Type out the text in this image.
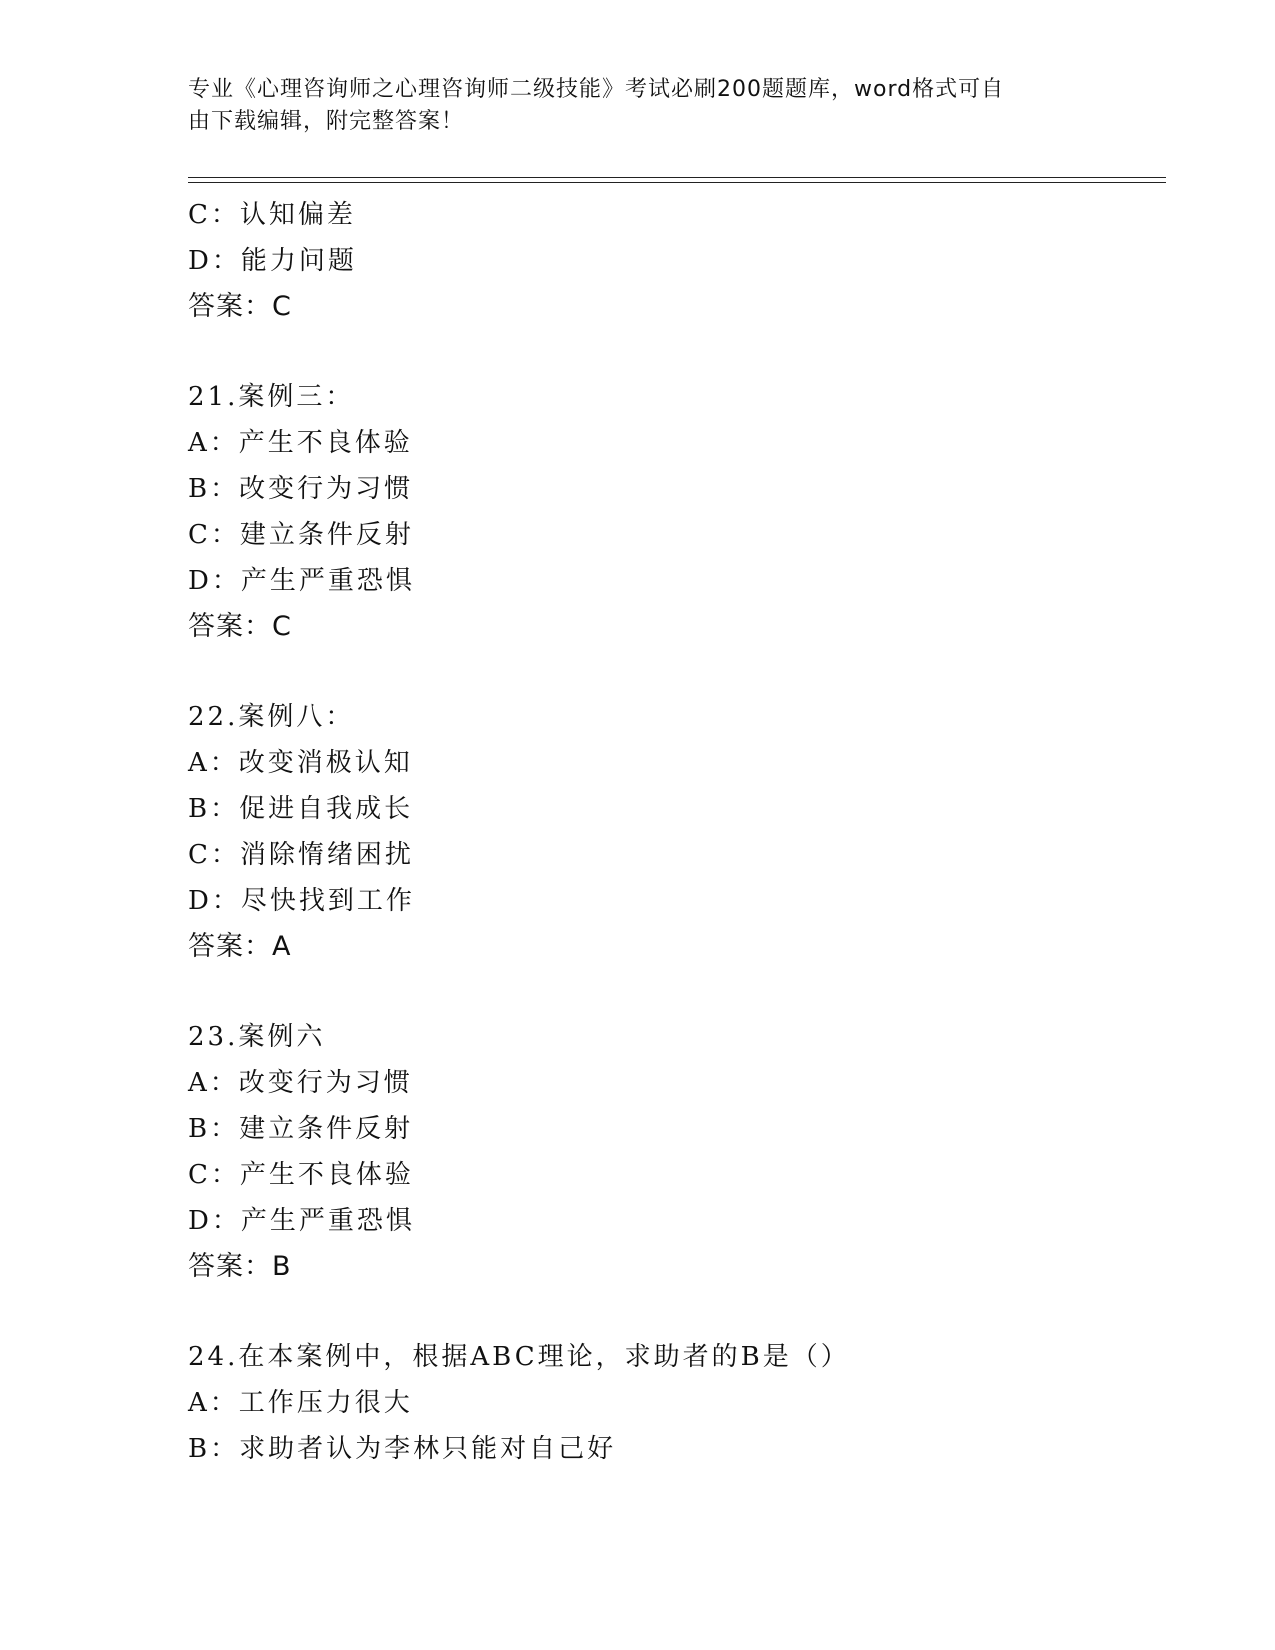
专业《心理咨询师之心理咨询师二级技能》考试必刷200题题库，word格式可自
由下载编辑，附完整答案！
C：认知偏差
D：能力问题
答案：C
21.案例三：
A：产生不良体验
B：改变行为习惯
C：建立条件反射
D：产生严重恐惧
答案：C
22.案例八：
A：改变消极认知
B：促进自我成长
C：消除惰绪困扰
D：尽快找到工作
答案：A
23.案例六
A：改变行为习惯
B：建立条件反射
C：产生不良体验
D：产生严重恐惧
答案：B
24.在本案例中，根据ABC理论，求助者的B是（）
A：工作压力很大
B：求助者认为李林只能对自己好
